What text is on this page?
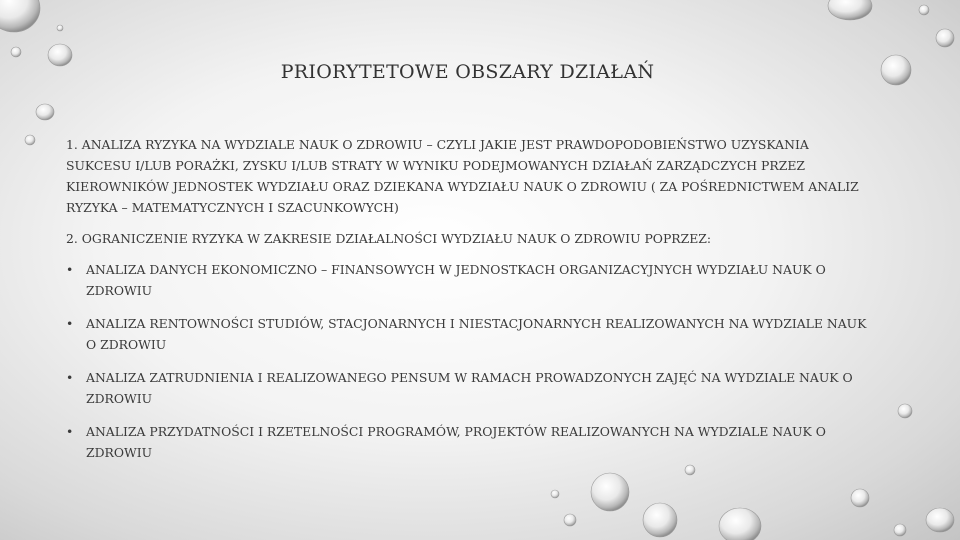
PRIORYTETOWE OBSZARY DZIAŁAŃ

1. ANALIZA RYZYKA NA WYDZIALE NAUK O ZDROWIU – CZYLI JAKIE JEST PRAWDOPODOBIEŃSTWO UZYSKANIA SUKCESU I/LUB PORAŻKI, ZYSKU I/LUB STRATY W WYNIKU PODEJMOWANYCH DZIAŁAŃ ZARZĄDCZYCH PRZEZ KIEROWNIKÓW JEDNOSTEK WYDZIAŁU ORAZ DZIEKANA WYDZIAŁU NAUK O ZDROWIU ( ZA POŚREDNICTWEM ANALIZ RYZYKA – MATEMATYCZNYCH I SZACUNKOWYCH)

2. OGRANICZENIE RYZYKA W ZAKRESIE DZIAŁALNOŚCI WYDZIAŁU NAUK O ZDROWIU POPRZEZ:

• ANALIZA DANYCH EKONOMICZNO – FINANSOWYCH W JEDNOSTKACH ORGANIZACYJNYCH WYDZIAŁU NAUK O ZDROWIU
• ANALIZA RENTOWNOŚCI STUDIÓW, STACJONARNYCH I NIESTACJONARNYCH REALIZOWANYCH NA WYDZIALE NAUK O ZDROWIU
• ANALIZA ZATRUDNIENIA I REALIZOWANEGO PENSUM W RAMACH PROWADZONYCH ZAJĘĆ NA WYDZIALE NAUK O ZDROWIU
• ANALIZA PRZYDATNOŚCI I RZETELNOŚCI PROGRAMÓW, PROJEKTÓW REALIZOWANYCH NA WYDZIALE NAUK O ZDROWIU
